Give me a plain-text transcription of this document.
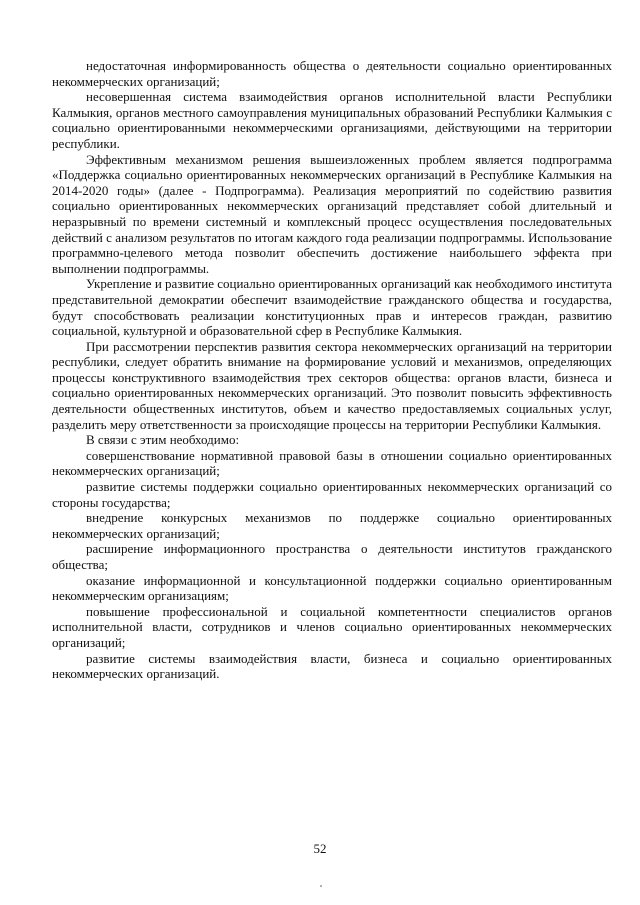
недостаточная информированность общества о деятельности социально ориентированных некоммерческих организаций;

несовершенная система взаимодействия органов исполнительной власти Республики Калмыкия, органов местного самоуправления муниципальных образований Республики Калмыкия с социально ориентированными некоммерческими организациями, действующими на территории республики.

Эффективным механизмом решения вышеизложенных проблем является подпрограмма «Поддержка социально ориентированных некоммерческих организаций в Республике Калмыкия на 2014-2020 годы» (далее - Подпрограмма). Реализация мероприятий по содействию развития социально ориентированных некоммерческих организаций представляет собой длительный и неразрывный по времени системный и комплексный процесс осуществления последовательных действий с анализом результатов по итогам каждого года реализации подпрограммы. Использование программно-целевого метода позволит обеспечить достижение наибольшего эффекта при выполнении подпрограммы.

Укрепление и развитие социально ориентированных организаций как необходимого института представительной демократии обеспечит взаимодействие гражданского общества и государства, будут способствовать реализации конституционных прав и интересов граждан, развитию социальной, культурной и образовательной сфер в Республике Калмыкия.

При рассмотрении перспектив развития сектора некоммерческих организаций на территории республики, следует обратить внимание на формирование условий и механизмов, определяющих процессы конструктивного взаимодействия трех секторов общества: органов власти, бизнеса и социально ориентированных некоммерческих организаций. Это позволит повысить эффективность деятельности общественных институтов, объем и качество предоставляемых социальных услуг, разделить меру ответственности за происходящие процессы на территории Республики Калмыкия.

В связи с этим необходимо:

совершенствование нормативной правовой базы в отношении социально ориентированных некоммерческих организаций;

развитие системы поддержки социально ориентированных некоммерческих организаций со стороны государства;

внедрение конкурсных механизмов по поддержке социально ориентированных некоммерческих организаций;

расширение информационного пространства о деятельности институтов гражданского общества;

оказание информационной и консультационной поддержки социально ориентированным некоммерческим организациям;

повышение профессиональной и социальной компетентности специалистов органов исполнительной власти, сотрудников и членов социально ориентированных некоммерческих организаций;

развитие системы взаимодействия власти, бизнеса и социально ориентированных некоммерческих организаций.

52
